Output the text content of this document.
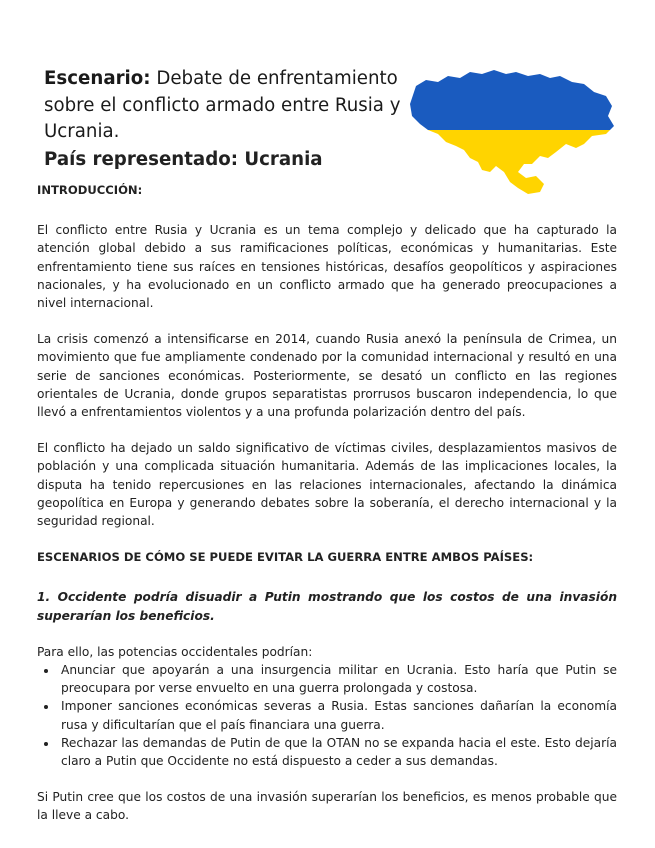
Escenario: Debate de enfrentamiento sobre el conflicto armado entre Rusia y Ucrania.
País representado: Ucrania

INTRODUCCIÓN:

El conflicto entre Rusia y Ucrania es un tema complejo y delicado que ha capturado la atención global debido a sus ramificaciones políticas, económicas y humanitarias. Este enfrentamiento tiene sus raíces en tensiones históricas, desafíos geopolíticos y aspiraciones nacionales, y ha evolucionado en un conflicto armado que ha generado preocupaciones a nivel internacional.

La crisis comenzó a intensificarse en 2014, cuando Rusia anexó la península de Crimea, un movimiento que fue ampliamente condenado por la comunidad internacional y resultó en una serie de sanciones económicas. Posteriormente, se desató un conflicto en las regiones orientales de Ucrania, donde grupos separatistas prorrusos buscaron independencia, lo que llevó a enfrentamientos violentos y a una profunda polarización dentro del país.

El conflicto ha dejado un saldo significativo de víctimas civiles, desplazamientos masivos de población y una complicada situación humanitaria. Además de las implicaciones locales, la disputa ha tenido repercusiones en las relaciones internacionales, afectando la dinámica geopolítica en Europa y generando debates sobre la soberanía, el derecho internacional y la seguridad regional.

ESCENARIOS DE CÓMO SE PUEDE EVITAR LA GUERRA ENTRE AMBOS PAÍSES:

1. Occidente podría disuadir a Putin mostrando que los costos de una invasión superarían los beneficios.

Para ello, las potencias occidentales podrían:

• Anunciar que apoyarán a una insurgencia militar en Ucrania. Esto haría que Putin se preocupara por verse envuelto en una guerra prolongada y costosa.
• Imponer sanciones económicas severas a Rusia. Estas sanciones dañarían la economía rusa y dificultarían que el país financiara una guerra.
• Rechazar las demandas de Putin de que la OTAN no se expanda hacia el este. Esto dejaría claro a Putin que Occidente no está dispuesto a ceder a sus demandas.

Si Putin cree que los costos de una invasión superarían los beneficios, es menos probable que la lleve a cabo.
